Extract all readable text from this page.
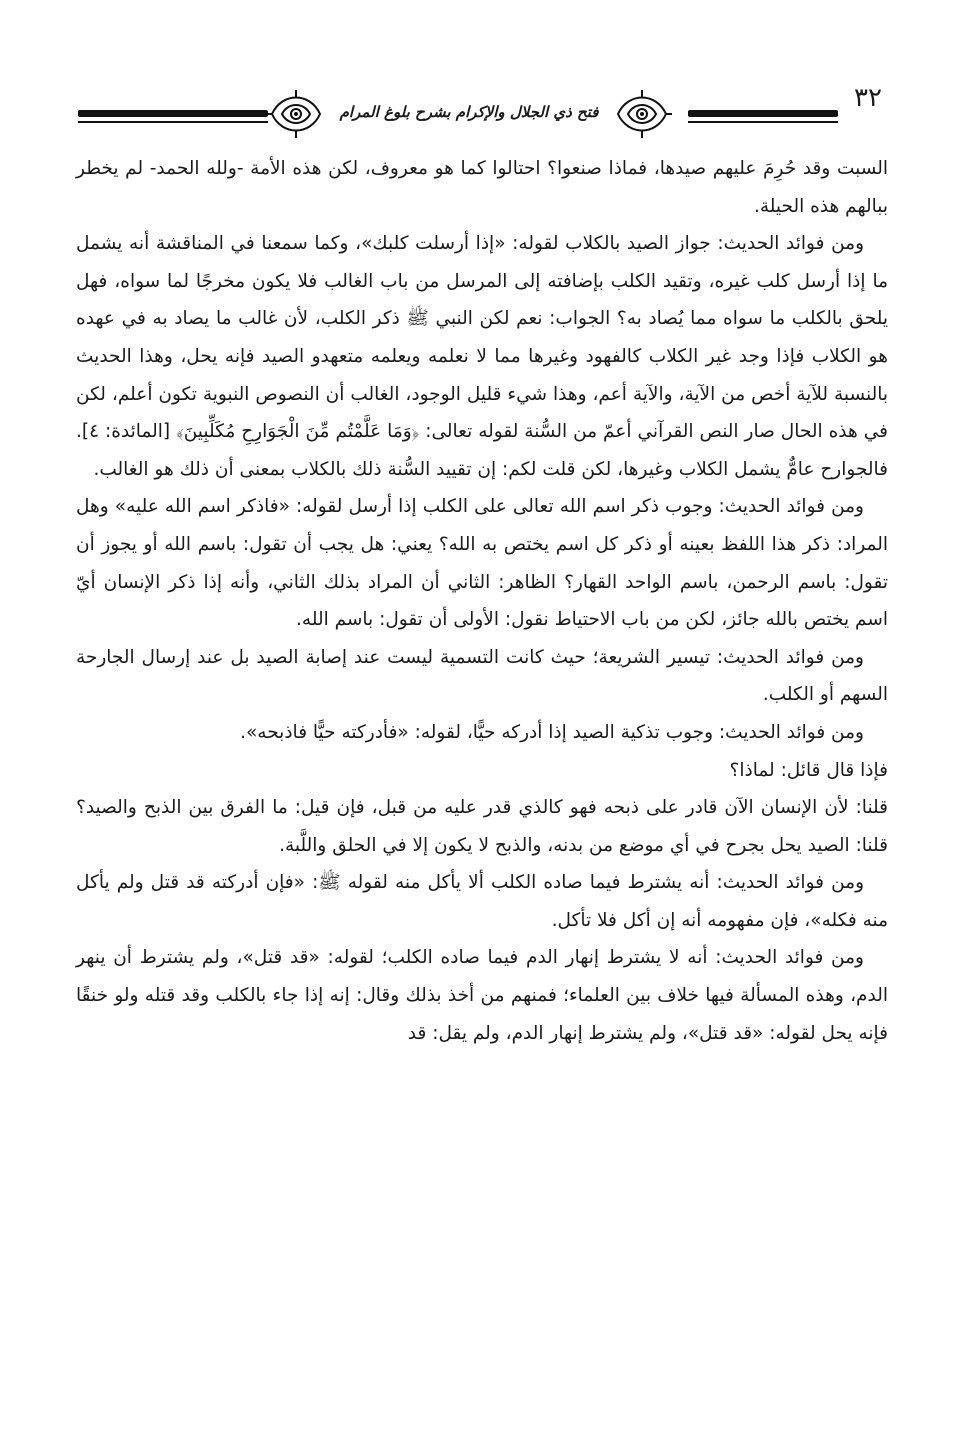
فتح ذي الجلال والإكرام بشرح بلوغ المرام	٣٢

السبت وقد حُرِمَ عليهم صيدها، فماذا صنعوا؟ احتالوا كما هو معروف، لكن هذه الأمة -ولله الحمد- لم يخطر ببالهم هذه الحيلة.

ومن فوائد الحديث: جواز الصيد بالكلاب لقوله: «إذا أرسلت كلبك»، وكما سمعنا في المناقشة أنه يشمل ما إذا أرسل كلب غيره، وتقيد الكلب بإضافته إلى المرسل من باب الغالب فلا يكون مخرجًا لما سواه، فهل يلحق بالكلب ما سواه مما يُصاد به؟ الجواب: نعم لكن النبي ﷺ ذكر الكلب، لأن غالب ما يصاد به في عهده هو الكلاب فإذا وجد غير الكلاب كالفهود وغيرها مما لا نعلمه ويعلمه متعهدو الصيد فإنه يحل، وهذا الحديث بالنسبة للآية أخص من الآية، والآية أعم، وهذا شيء قليل الوجود، الغالب أن النصوص النبوية تكون أعلم، لكن في هذه الحال صار النص القرآني أعمّ من السُّنة لقوله تعالى: ﴿وَمَا عَلَّمْتُم مِّنَ الْجَوَارِحِ مُكَلِّبِينَ﴾ [المائدة: ٤]. فالجوارح عامٌّ يشمل الكلاب وغيرها، لكن قلت لكم: إن تقييد السُّنة ذلك بالكلاب بمعنى أن ذلك هو الغالب.

ومن فوائد الحديث: وجوب ذكر اسم الله تعالى على الكلب إذا أرسل لقوله: «فاذكر اسم الله عليه» وهل المراد: ذكر هذا اللفظ بعينه أو ذكر كل اسم يختص به الله؟ يعني: هل يجب أن تقول: باسم الله أو يجوز أن تقول: باسم الرحمن، باسم الواحد القهار؟ الظاهر: الثاني أن المراد بذلك الثاني، وأنه إذا ذكر الإنسان أيّ اسم يختص بالله جائز، لكن من باب الاحتياط نقول: الأولى أن تقول: باسم الله.

ومن فوائد الحديث: تيسير الشريعة؛ حيث كانت التسمية ليست عند إصابة الصيد بل عند إرسال الجارحة السهم أو الكلب.

ومن فوائد الحديث: وجوب تذكية الصيد إذا أدركه حيًّا، لقوله: «فأدركته حيًّا فاذبحه».

فإذا قال قائل: لماذا؟

قلنا: لأن الإنسان الآن قادر على ذبحه فهو كالذي قدر عليه من قبل، فإن قيل: ما الفرق بين الذبح والصيد؟ قلنا: الصيد يحل بجرح في أي موضع من بدنه، والذبح لا يكون إلا في الحلق واللَّبة.

ومن فوائد الحديث: أنه يشترط فيما صاده الكلب ألا يأكل منه لقوله ﷺ: «فإن أدركته قد قتل ولم يأكل منه فكله»، فإن مفهومه أنه إن أكل فلا تأكل.

ومن فوائد الحديث: أنه لا يشترط إنهار الدم فيما صاده الكلب؛ لقوله: «قد قتل»، ولم يشترط أن ينهر الدم، وهذه المسألة فيها خلاف بين العلماء؛ فمنهم من أخذ بذلك وقال: إنه إذا جاء بالكلب وقد قتله ولو خنقًا فإنه يحل لقوله: «قد قتل»، ولم يشترط إنهار الدم، ولم يقل: قد
